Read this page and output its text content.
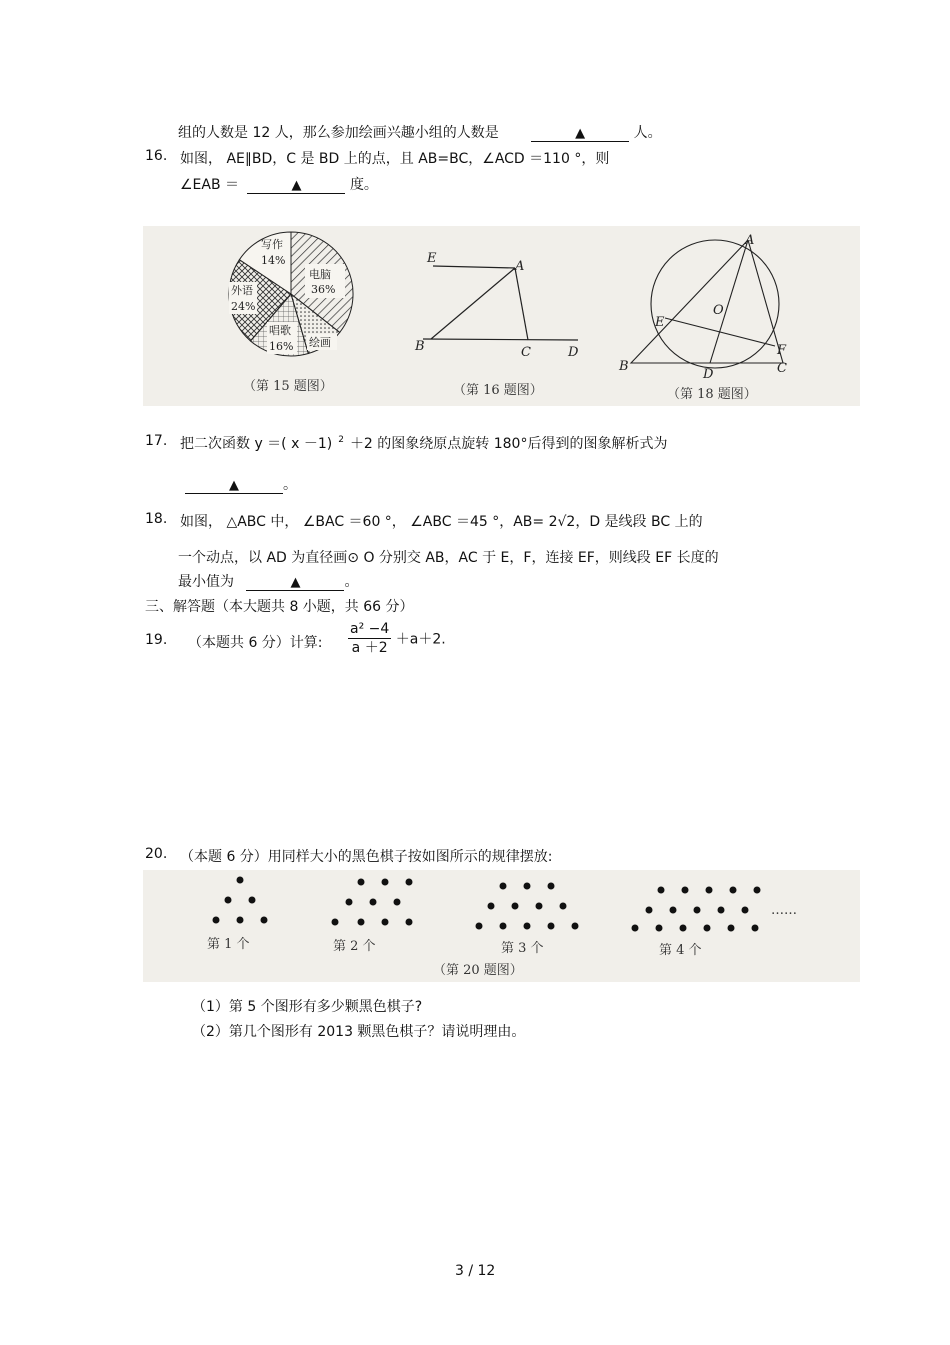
组的人数是 12 人，那么参加绘画兴趣小组的人数是	▲	人。
16. 如图， AE∥BD，C 是 BD 上的点，且 AB=BC，∠ACD ＝110 °，则
∠EAB ＝	▲	度。
电脑
36%
绘画
唱歌
16%
外语
24%
写作
14%
（第 15 题图）
E
A
B	C	D
（第 16 题图）
A
O
E
F
B
D	C
（第 18 题图）
17. 把二次函数 y ＝( x －1) $^2$ ＋2 的图象绕原点旋转 180°后得到的图象解析式为
▲	。
18. 如图， △ABC 中， ∠BAC ＝60 °， ∠ABC ＝45 °，AB= 2√2，D 是线段 BC 上的
一个动点，以 AD 为直径画⊙ O 分别交 AB，AC 于 E，F，连接 EF，则线段 EF 长度的
最小值为	▲	。
三、解答题（本大题共 8 小题，共 66 分）
19. （本题共 6 分）计算: $\frac{\text{a² −4}}{a +2} +a+2$.
20. （本题 6 分）用同样大小的黑色棋子按如图所示的规律摆放:
第 1 个	第 2 个	第 3 个	第 4 个
……
（第 20 题图）
（1）第 5 个图形有多少颗黑色棋子?
（2）第几个图形有 2013 颗黑色棋子？请说明理由。
3 / 12
